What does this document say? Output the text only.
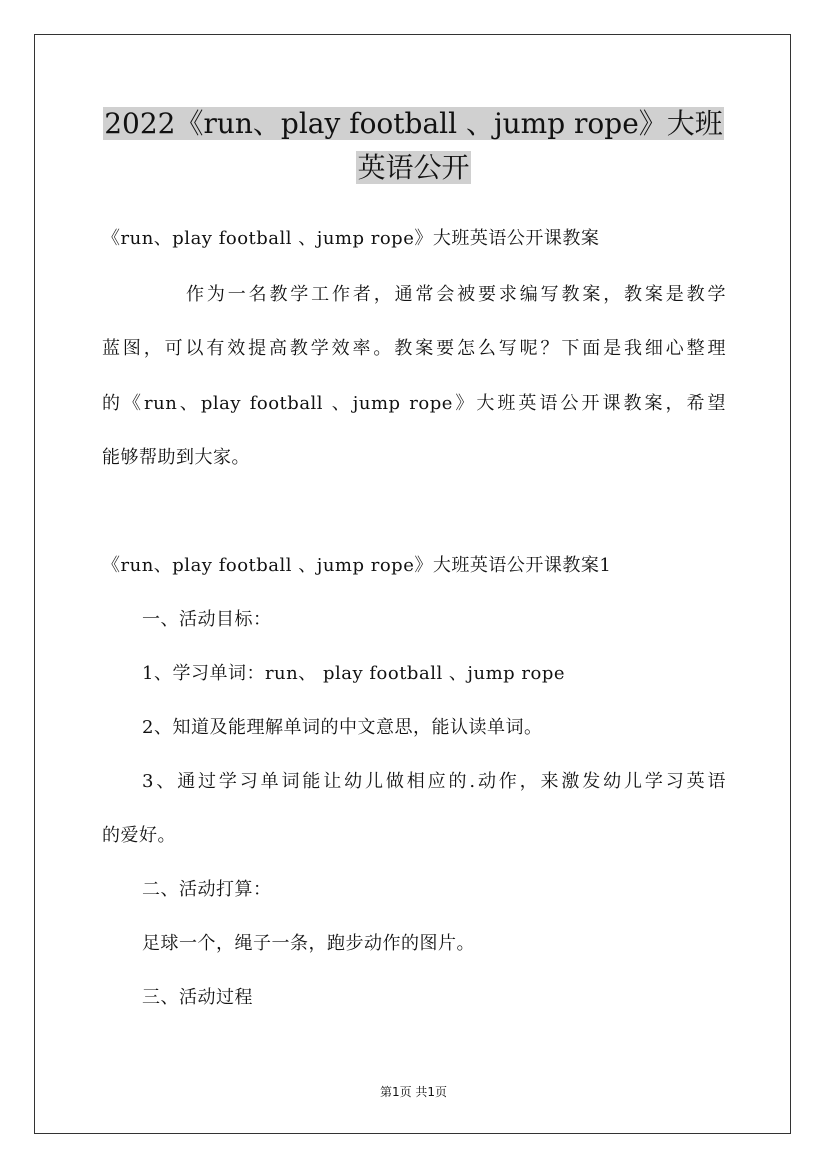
2022《run、play football 、jump rope》大班
英语公开
《run、play football 、jump rope》大班英语公开课教案
作为一名教学工作者，通常会被要求编写教案，教案是教学
蓝图，可以有效提高教学效率。教案要怎么写呢？下面是我细心整理
的《run、play football 、jump rope》大班英语公开课教案，希望
能够帮助到大家。
《run、play football 、jump rope》大班英语公开课教案1
一、活动目标：
1、学习单词：run、 play football 、jump rope
2、知道及能理解单词的中文意思，能认读单词。
3、通过学习单词能让幼儿做相应的.动作，来激发幼儿学习英语
的爱好。
二、活动打算：
足球一个，绳子一条，跑步动作的图片。
三、活动过程
第1页 共1页
